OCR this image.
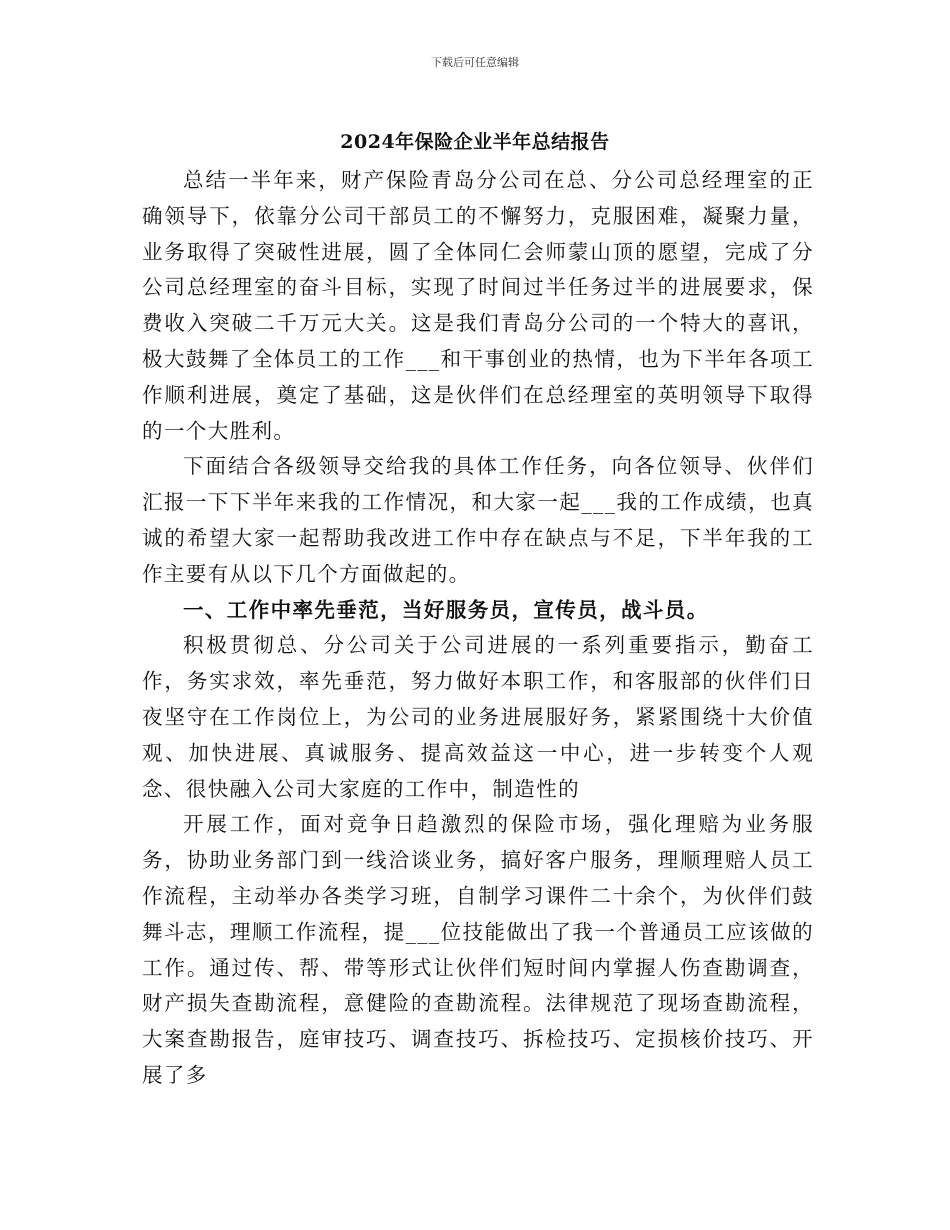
下载后可任意编辑
2024年保险企业半年总结报告

总结一半年来，财产保险青岛分公司在总、分公司总经理室的正确领导下，依靠分公司干部员工的不懈努力，克服困难，凝聚力量，业务取得了突破性进展，圆了全体同仁会师蒙山顶的愿望，完成了分公司总经理室的奋斗目标，实现了时间过半任务过半的进展要求，保费收入突破二千万元大关。这是我们青岛分公司的一个特大的喜讯，极大鼓舞了全体员工的工作___和干事创业的热情，也为下半年各项工作顺利进展，奠定了基础，这是伙伴们在总经理室的英明领导下取得的一个大胜利。

下面结合各级领导交给我的具体工作任务，向各位领导、伙伴们汇报一下下半年来我的工作情况，和大家一起___我的工作成绩，也真诚的希望大家一起帮助我改进工作中存在缺点与不足，下半年我的工作主要有从以下几个方面做起的。

一、工作中率先垂范，当好服务员，宣传员，战斗员。

积极贯彻总、分公司关于公司进展的一系列重要指示，勤奋工作，务实求效，率先垂范，努力做好本职工作，和客服部的伙伴们日夜坚守在工作岗位上，为公司的业务进展服好务，紧紧围绕十大价值观、加快进展、真诚服务、提高效益这一中心，进一步转变个人观念、很快融入公司大家庭的工作中，制造性的

开展工作，面对竞争日趋激烈的保险市场，强化理赔为业务服务，协助业务部门到一线洽谈业务，搞好客户服务，理顺理赔人员工作流程，主动举办各类学习班，自制学习课件二十余个，为伙伴们鼓舞斗志，理顺工作流程，提___位技能做出了我一个普通员工应该做的工作。通过传、帮、带等形式让伙伴们短时间内掌握人伤查勘调查，财产损失查勘流程，意健险的查勘流程。法律规范了现场查勘流程，大案查勘报告，庭审技巧、调查技巧、拆检技巧、定损核价技巧、开展了多
